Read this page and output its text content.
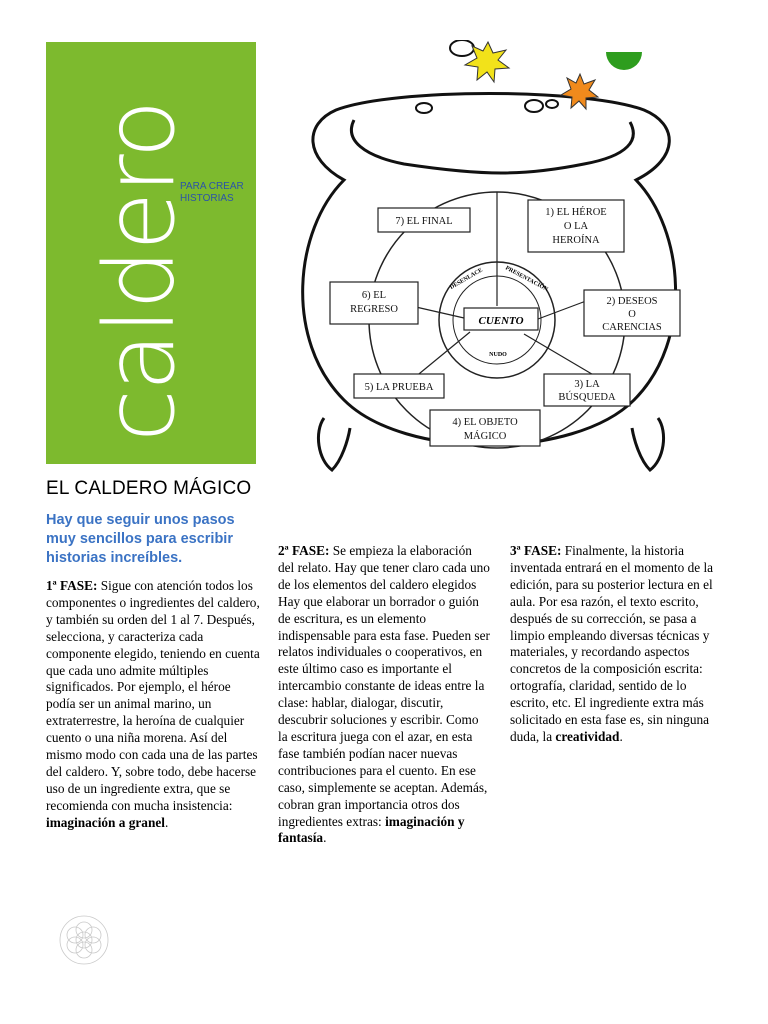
caldero
PARA CREAR HISTORIAS
CUENTO
PRESENTACIÓN
DESENLACE
NUDO
7) EL FINAL
1) EL HÉROE
O LA
HEROÍNA
2) DESEOS
O
CARENCIAS
3) LA
BÚSQUEDA
4) EL OBJETO
MÁGICO
5) LA PRUEBA
6) EL
REGRESO
EL CALDERO MÁGICO
Hay que seguir unos pasos muy sencillos para escribir historias increíbles.

1ª FASE: Sigue con atención todos los componentes o ingredientes del caldero, y también su orden del 1 al 7. Después, selecciona, y caracteriza cada componente elegido, teniendo en cuenta que cada uno admite múltiples significados. Por ejemplo, el héroe podía ser un animal marino, un extraterrestre, la heroína de cualquier cuento o una niña morena. Así del mismo modo con cada una de las partes del caldero. Y, sobre todo, debe hacerse uso de un ingrediente extra, que se recomienda con mucha insistencia: imaginación a granel.

2ª FASE: Se empieza la elaboración del relato. Hay que tener claro cada uno de los elementos del caldero elegidos Hay que elaborar un borrador o guión de escritura, es un elemento indispensable para esta fase. Pueden ser relatos individuales o cooperativos, en este último caso es importante el intercambio constante de ideas entre la clase: hablar, dialogar, discutir, descubrir soluciones y escribir. Como la escritura juega con el azar, en esta fase también podían nacer nuevas contribuciones para el cuento. En ese caso, simplemente se aceptan. Además, cobran gran importancia otros dos ingredientes extras: imaginación y fantasía.

3ª FASE: Finalmente, la historia inventada entrará en el momento de la edición, para su posterior lectura en el aula. Por esa razón, el texto escrito, después de su corrección, se pasa a limpio empleando diversas técnicas y materiales, y recordando aspectos concretos de la composición escrita: ortografía, claridad, sentido de lo escrito, etc. El ingrediente extra más solicitado en esta fase es, sin ninguna duda, la creatividad.
